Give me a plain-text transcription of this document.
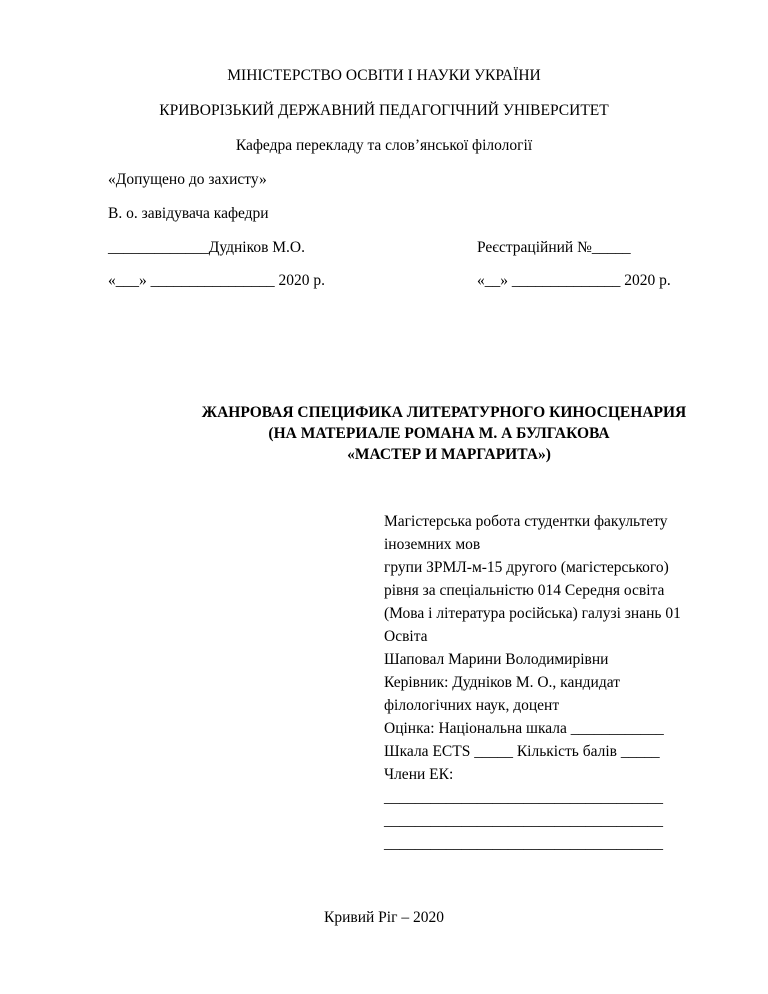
МІНІСТЕРСТВО ОСВІТИ І НАУКИ УКРАЇНИ
КРИВОРІЗЬКИЙ ДЕРЖАВНИЙ ПЕДАГОГІЧНИЙ УНІВЕРСИТЕТ
Кафедра перекладу та слов’янської філології
«Допущено до захисту»
В. о. завідувача кафедри
_____________Дудніков М.О.
«___» ________________ 2020 р.
Реєстраційний №_____
«__» ______________ 2020 р.
ЖАНРОВАЯ СПЕЦИФИКА ЛИТЕРАТУРНОГО КИНОСЦЕНАРИЯ
(НА МАТЕРИАЛЕ РОМАНА М. А БУЛГАКОВА
«МАСТЕР И МАРГАРИТА»)
Магістерська робота студентки факультету
іноземних мов
групи ЗРМЛ-м-15 другого (магістерського)
рівня за спеціальністю 014 Середня освіта
(Мова і література російська) галузі знань 01
Освіта
Шаповал Марини Володимирівни
Керівник: Дудніков М. О., кандидат
філологічних наук, доцент
Оцінка: Національна шкала ____________
Шкала ECTS _____ Кількість балів _____
Члени ЕК:
____________________________________
____________________________________
____________________________________
Кривий Ріг – 2020
